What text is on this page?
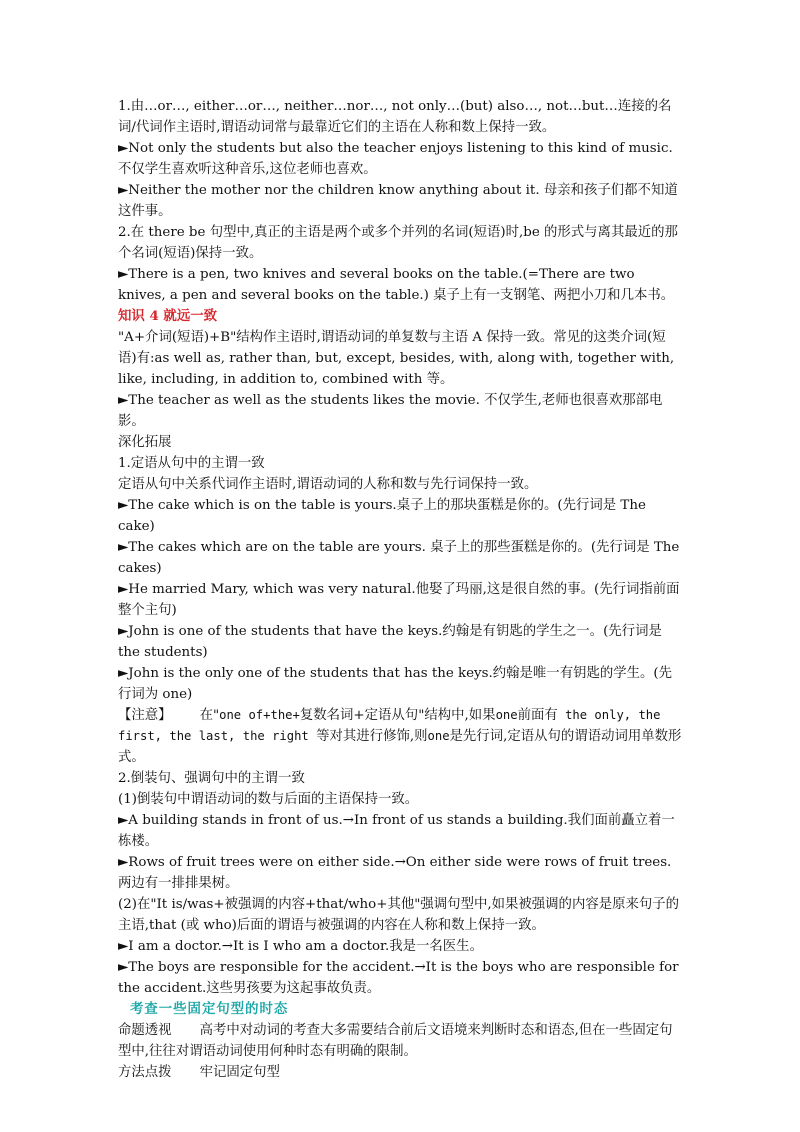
1.由…or…, either…or…, neither…nor…, not only…(but) also…, not…but…连接的名词/代词作主语时,谓语动词常与最靠近它们的主语在人称和数上保持一致。

►Not only the students but also the teacher enjoys listening to this kind of music. 不仅学生喜欢听这种音乐,这位老师也喜欢。

►Neither the mother nor the children know anything about it. 母亲和孩子们都不知道这件事。

2.在 there be 句型中,真正的主语是两个或多个并列的名词(短语)时,be 的形式与离其最近的那个名词(短语)保持一致。

►There is a pen, two knives and several books on the table.(=There are two knives, a pen and several books on the table.) 桌子上有一支钢笔、两把小刀和几本书。

知识 4 就远一致

"A+介词(短语)+B"结构作主语时,谓语动词的单复数与主语 A 保持一致。常见的这类介词(短语)有:as well as, rather than, but, except, besides, with, along with, together with, like, including, in addition to, combined with 等。

►The teacher as well as the students likes the movie. 不仅学生,老师也很喜欢那部电影。

深化拓展

1.定语从句中的主谓一致

定语从句中关系代词作主语时,谓语动词的人称和数与先行词保持一致。

►The cake which is on the table is yours.桌子上的那块蛋糕是你的。(先行词是 The cake)

►The cakes which are on the table are yours. 桌子上的那些蛋糕是你的。(先行词是 The cakes)

►He married Mary, which was very natural.他娶了玛丽,这是很自然的事。(先行词指前面整个主句)

►John is one of the students that have the keys.约翰是有钥匙的学生之一。(先行词是 the students)

►John is the only one of the students that has the keys.约翰是唯一有钥匙的学生。(先行词为 one)

【注意】 在"one of+the+复数名词+定语从句"结构中,如果one前面有 the only, the first, the last, the right 等对其进行修饰,则one是先行词,定语从句的谓语动词用单数形式。

2.倒装句、强调句中的主谓一致

(1)倒装句中谓语动词的数与后面的主语保持一致。

►A building stands in front of us.→In front of us stands a building.我们面前矗立着一栋楼。

►Rows of fruit trees were on either side.→On either side were rows of fruit trees.两边有一排排果树。

(2)在"It is/was+被强调的内容+that/who+其他"强调句型中,如果被强调的内容是原来句子的主语,that (或 who)后面的谓语与被强调的内容在人称和数上保持一致。

►I am a doctor.→It is I who am a doctor.我是一名医生。

►The boys are responsible for the accident.→It is the boys who are responsible for the accident.这些男孩要为这起事故负责。

考查一些固定句型的时态

命题透视 高考中对动词的考查大多需要结合前后文语境来判断时态和语态,但在一些固定句型中,往往对谓语动词使用何种时态有明确的限制。

方法点拨 牢记固定句型
